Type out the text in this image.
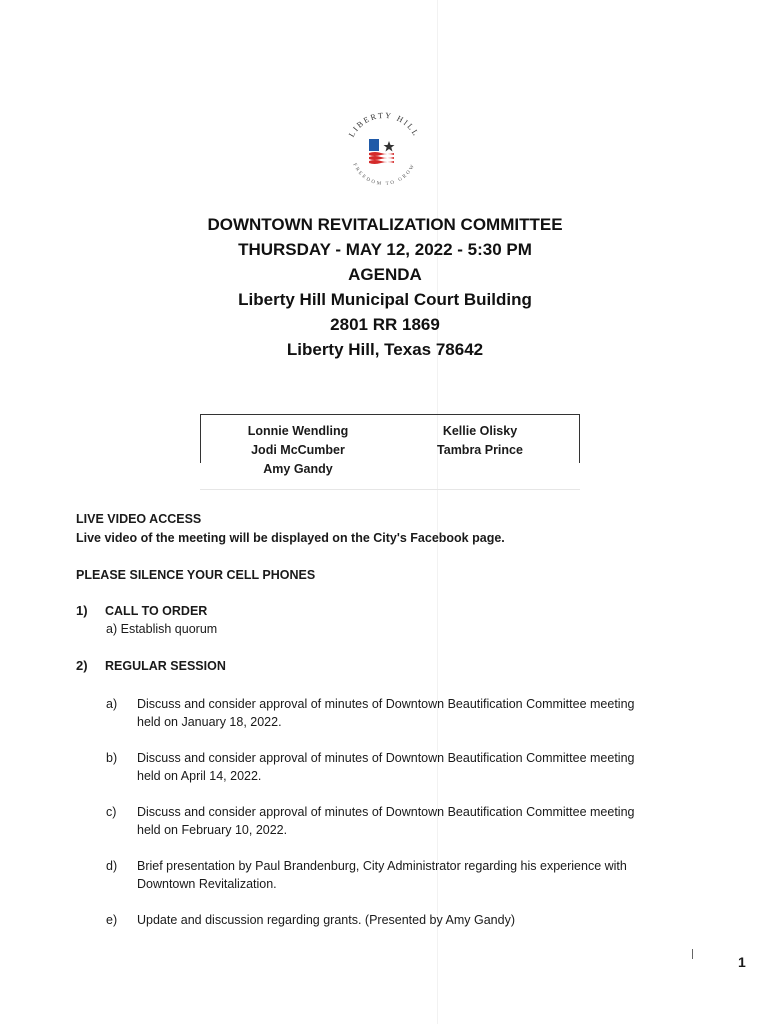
LIBERTY HILL
FREEDOM TO GROW
DOWNTOWN REVITALIZATION COMMITTEE
THURSDAY - MAY 12, 2022 - 5:30 PM
AGENDA
Liberty Hill Municipal Court Building
2801 RR 1869
Liberty Hill, Texas 78642
Lonnie Wendling
Jodi McCumber
Amy Gandy
Kellie Olisky
Tambra Prince
LIVE VIDEO ACCESS
Live video of the meeting will be displayed on the City's Facebook page.
PLEASE SILENCE YOUR CELL PHONES
1) CALL TO ORDER
a) Establish quorum
2) REGULAR SESSION
a) Discuss and consider approval of minutes of Downtown Beautification Committee meeting
held on January 18, 2022.
b) Discuss and consider approval of minutes of Downtown Beautification Committee meeting
held on April 14, 2022.
c) Discuss and consider approval of minutes of Downtown Beautification Committee meeting
held on February 10, 2022.
d) Brief presentation by Paul Brandenburg, City Administrator regarding his experience with
Downtown Revitalization.
e) Update and discussion regarding grants. (Presented by Amy Gandy)
1
